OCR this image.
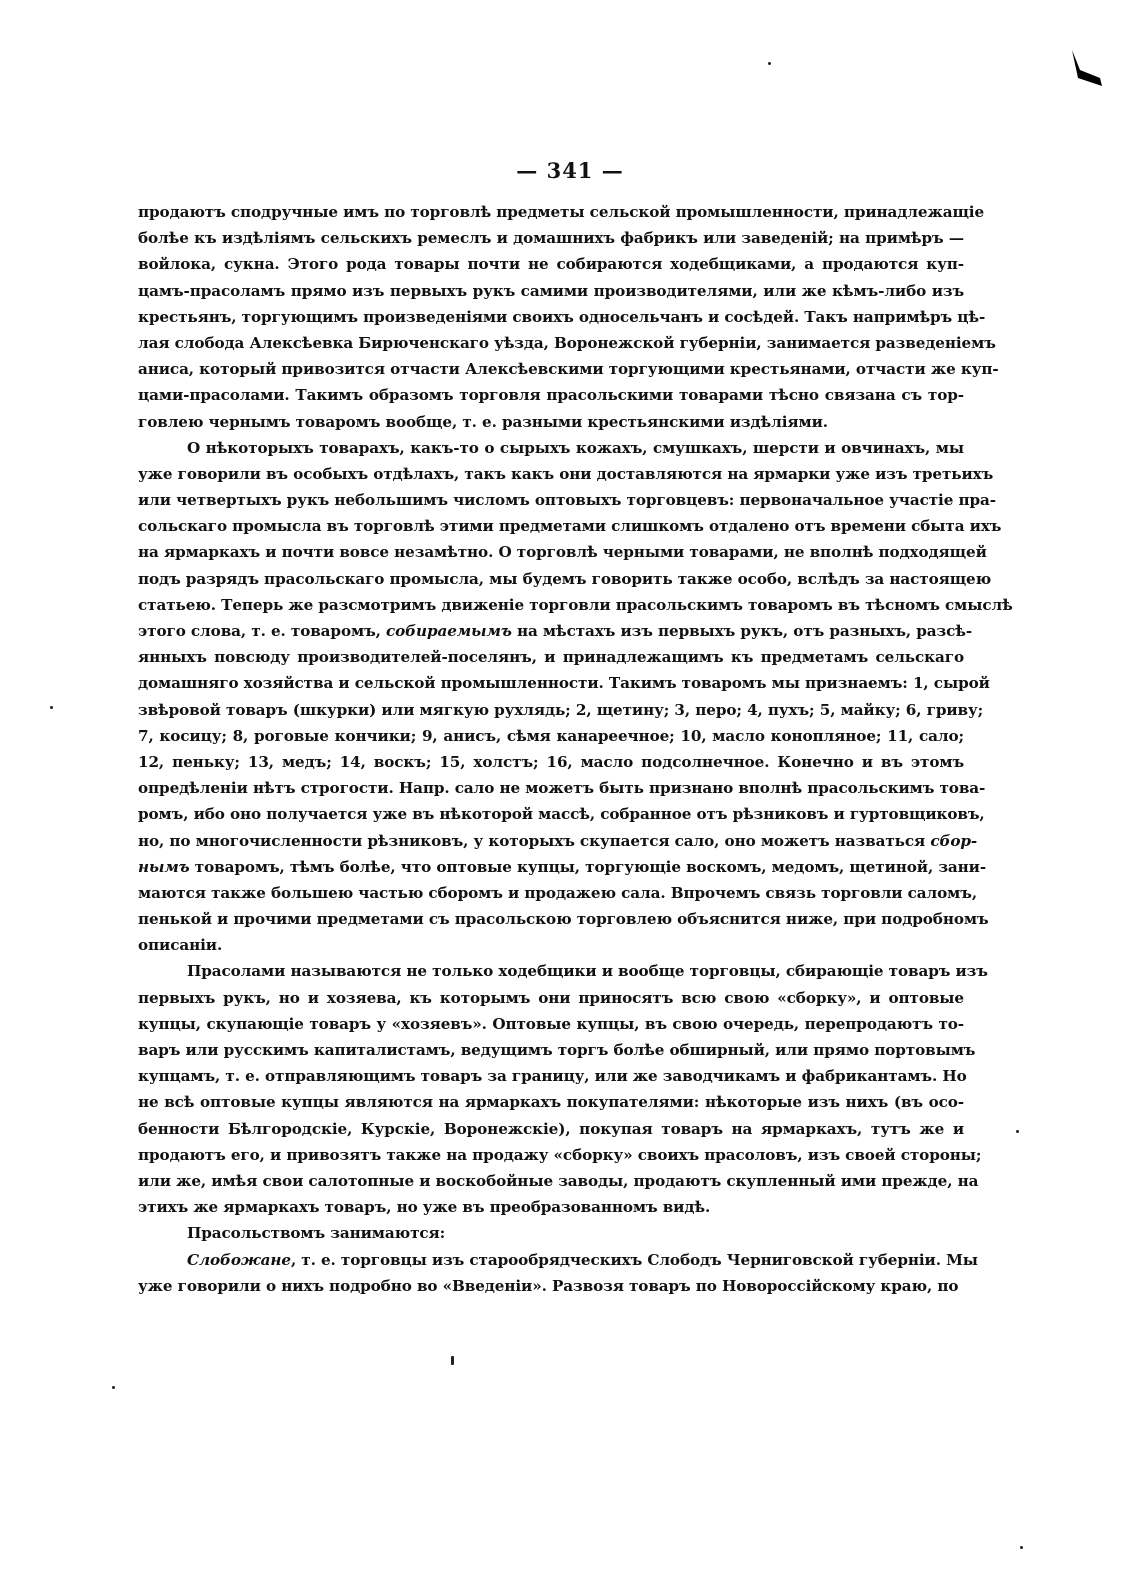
— 341 —
продаютъ сподручные имъ по торговлѣ предметы сельской промышленности, принадлежащіе
болѣе къ издѣліямъ сельскихъ ремеслъ и домашнихъ фабрикъ или заведеній; на примѣръ —
войлока, сукна. Этого рода товары почти не собираются ходебщиками, а продаются куп-
цамъ-прасоламъ прямо изъ первыхъ рукъ самими производителями, или же кѣмъ-либо изъ
крестьянъ, торгующимъ произведеніями своихъ односельчанъ и сосѣдей. Такъ напримѣръ цѣ-
лая слобода Алексѣевка Бирюченскаго уѣзда, Воронежской губерніи, занимается разведеніемъ
аниса, который привозится отчасти Алексѣевскими торгующими крестьянами, отчасти же куп-
цами-прасолами. Такимъ образомъ торговля прасольскими товарами тѣсно связана съ тор-
говлею чернымъ товаромъ вообще, т. е. разными крестьянскими издѣліями.
О нѣкоторыхъ товарахъ, какъ-то о сырыхъ кожахъ, смушкахъ, шерсти и овчинахъ, мы
уже говорили въ особыхъ отдѣлахъ, такъ какъ они доставляются на ярмарки уже изъ третьихъ
или четвертыхъ рукъ небольшимъ числомъ оптовыхъ торговцевъ: первоначальное участіе пра-
сольскаго промысла въ торговлѣ этими предметами слишкомъ отдалено отъ времени сбыта ихъ
на ярмаркахъ и почти вовсе незамѣтно. О торговлѣ черными товарами, не вполнѣ подходящей
подъ разрядъ прасольскаго промысла, мы будемъ говорить также особо, вслѣдъ за настоящею
статьею. Теперь же разсмотримъ движеніе торговли прасольскимъ товаромъ въ тѣсномъ смыслѣ
этого слова, т. е. товаромъ, собираемымъ на мѣстахъ изъ первыхъ рукъ, отъ разныхъ, разсѣ-
янныхъ повсюду производителей-поселянъ, и принадлежащимъ къ предметамъ сельскаго
домашняго хозяйства и сельской промышленности. Такимъ товаромъ мы признаемъ: 1, сырой
звѣровой товаръ (шкурки) или мягкую рухлядь; 2, щетину; 3, перо; 4, пухъ; 5, майку; 6, гриву;
7, косицу; 8, роговые кончики; 9, анисъ, сѣмя канареечное; 10, масло конопляное; 11, сало;
12, пеньку; 13, медъ; 14, воскъ; 15, холстъ; 16, масло подсолнечное. Конечно и въ этомъ
опредѣленіи нѣтъ строгости. Напр. сало не можетъ быть признано вполнѣ прасольскимъ това-
ромъ, ибо оно получается уже въ нѣкоторой массѣ, собранное отъ рѣзниковъ и гуртовщиковъ,
но, по многочисленности рѣзниковъ, у которыхъ скупается сало, оно можетъ назваться сбор-
нымъ товаромъ, тѣмъ болѣе, что оптовые купцы, торгующіе воскомъ, медомъ, щетиной, зани-
маются также большею частью сборомъ и продажею сала. Впрочемъ связь торговли саломъ,
пенькой и прочими предметами съ прасольскою торговлею объяснится ниже, при подробномъ
описаніи.
Прасолами называются не только ходебщики и вообще торговцы, сбирающіе товаръ изъ
первыхъ рукъ, но и хозяева, къ которымъ они приносятъ всю свою «сборку», и оптовые
купцы, скупающіе товаръ у «хозяевъ». Оптовые купцы, въ свою очередь, перепродаютъ то-
варъ или русскимъ капиталистамъ, ведущимъ торгъ болѣе обширный, или прямо портовымъ
купцамъ, т. е. отправляющимъ товаръ за границу, или же заводчикамъ и фабрикантамъ. Но
не всѣ оптовые купцы являются на ярмаркахъ покупателями: нѣкоторые изъ нихъ (въ осо-
бенности Бѣлгородскіе, Курскіе, Воронежскіе), покупая товаръ на ярмаркахъ, тутъ же и
продаютъ его, и привозятъ также на продажу «сборку» своихъ прасоловъ, изъ своей стороны;
или же, имѣя свои салотопные и воскобойные заводы, продаютъ скупленный ими прежде, на
этихъ же ярмаркахъ товаръ, но уже въ преобразованномъ видѣ.
Прасольствомъ занимаются:
Слобожане, т. е. торговцы изъ старообрядческихъ Слободъ Черниговской губерніи. Мы
уже говорили о нихъ подробно во «Введеніи». Развозя товаръ по Новороссійскому краю, по
